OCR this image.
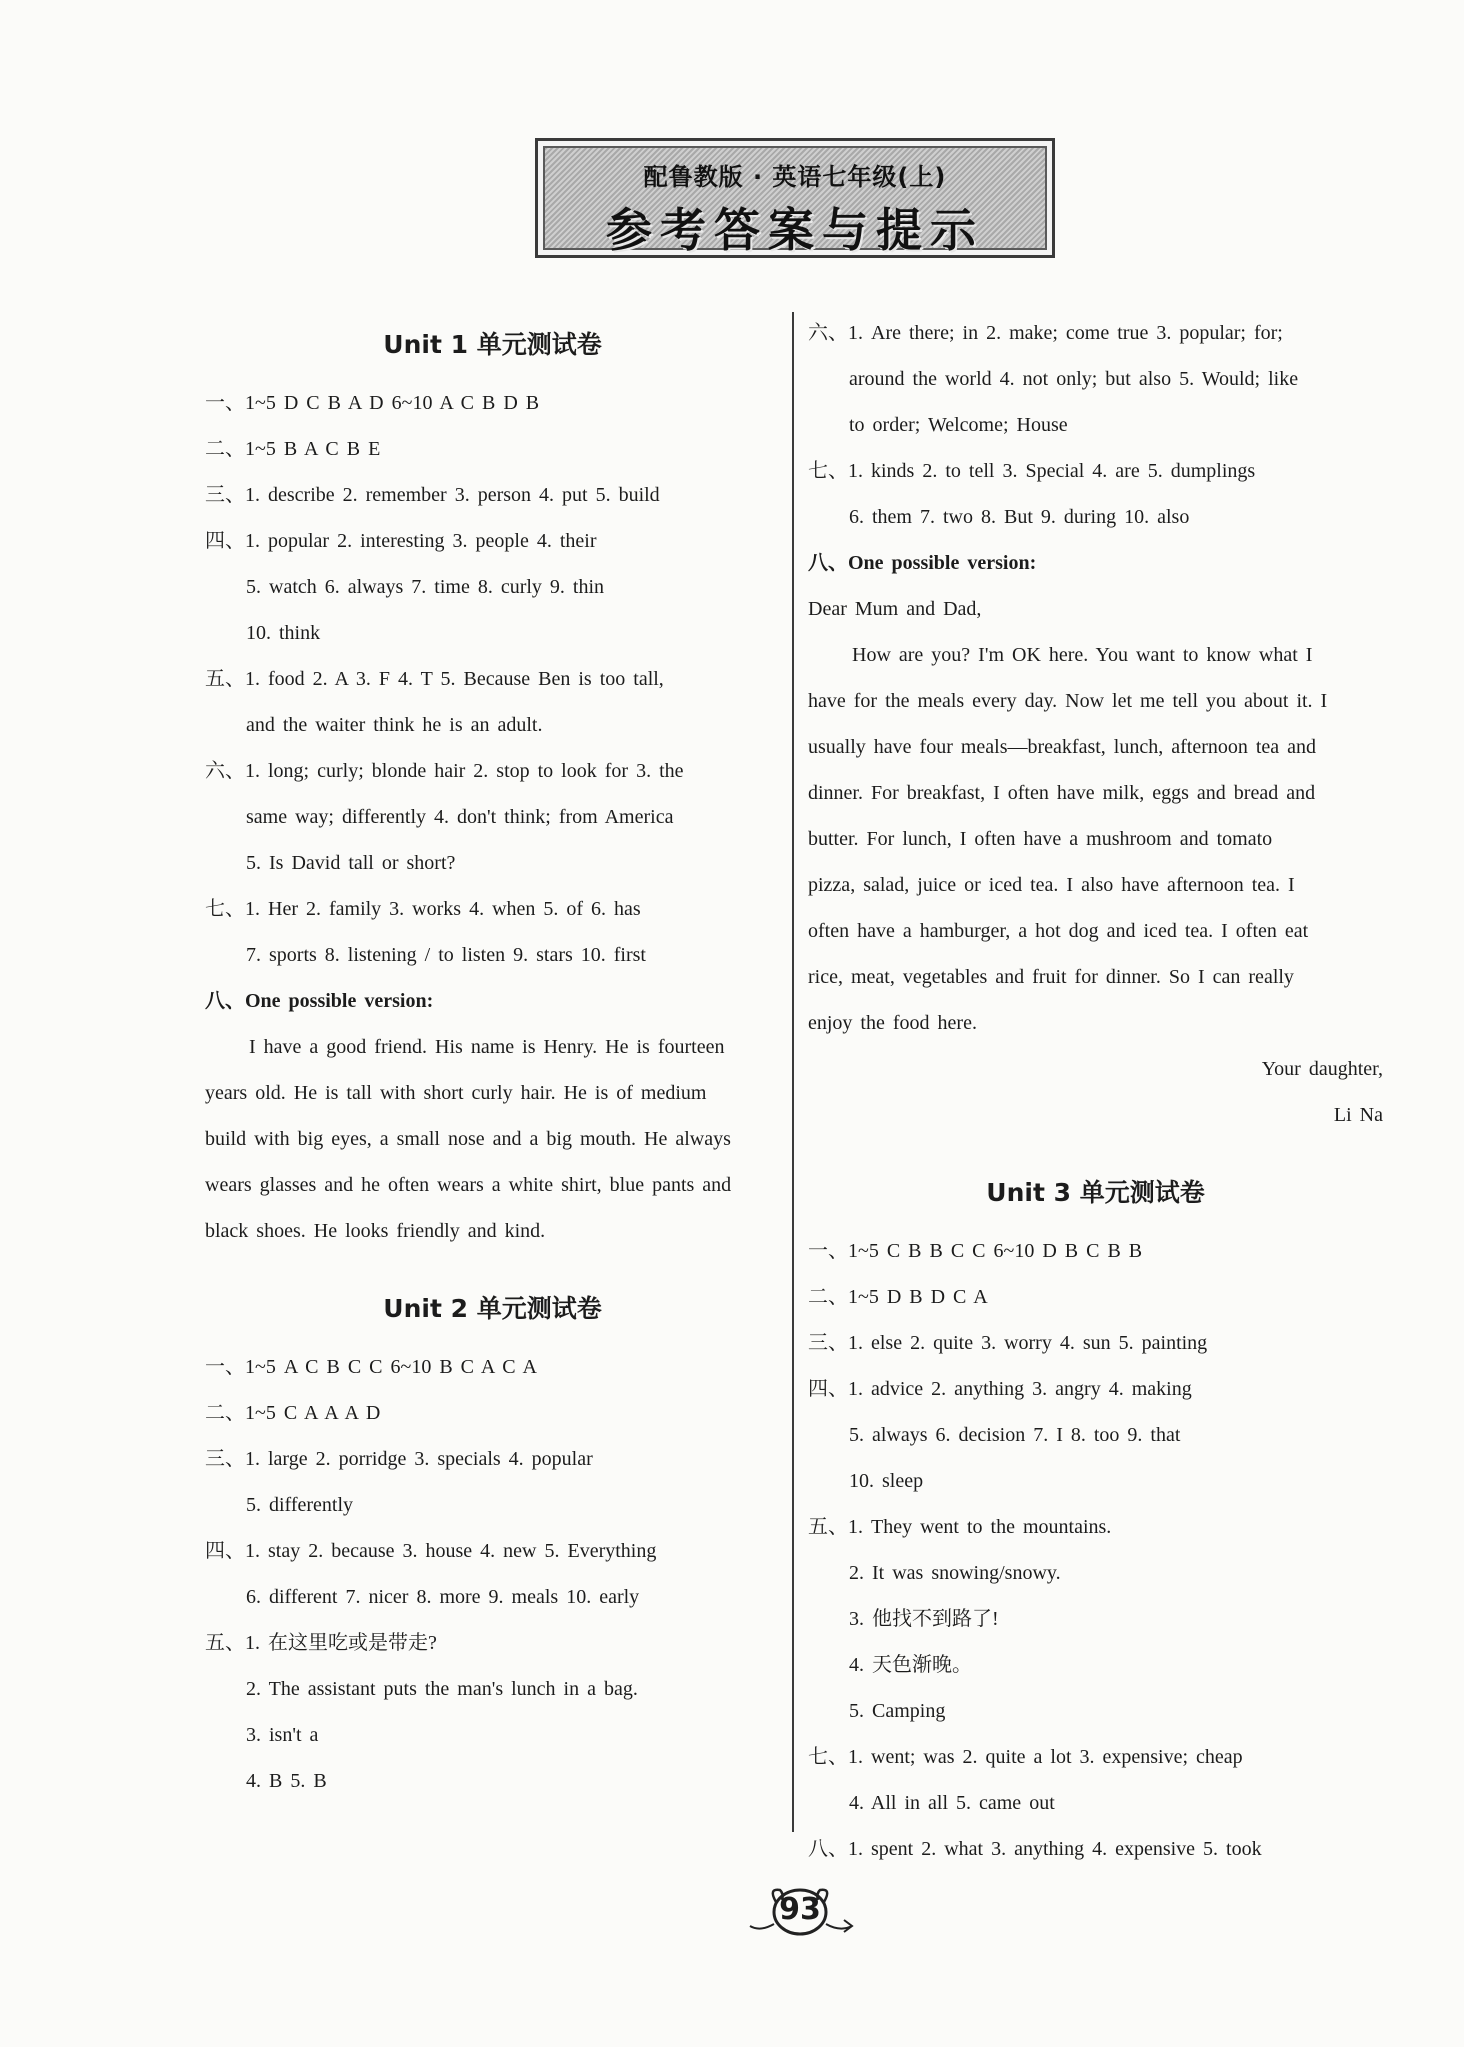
配鲁教版 · 英语七年级(上)
参考答案与提示
Unit 1 单元测试卷
一、1~5 D C B A D 6~10 A C B D B
二、1~5 B A C B E
三、1. describe 2. remember 3. person 4. put 5. build
四、1. popular 2. interesting 3. people 4. their
5. watch 6. always 7. time 8. curly 9. thin
10. think
五、1. food 2. A 3. F 4. T 5. Because Ben is too tall,
and the waiter think he is an adult.
六、1. long; curly; blonde hair 2. stop to look for 3. the
same way; differently 4. don't think; from America
5. Is David tall or short?
七、1. Her 2. family 3. works 4. when 5. of 6. has
7. sports 8. listening / to listen 9. stars 10. first
八、One possible version:
I have a good friend. His name is Henry. He is fourteen
years old. He is tall with short curly hair. He is of medium
build with big eyes, a small nose and a big mouth. He always
wears glasses and he often wears a white shirt, blue pants and
black shoes. He looks friendly and kind.
Unit 2 单元测试卷
一、1~5 A C B C C 6~10 B C A C A
二、1~5 C A A A D
三、1. large 2. porridge 3. specials 4. popular
5. differently
四、1. stay 2. because 3. house 4. new 5. Everything
6. different 7. nicer 8. more 9. meals 10. early
五、1. 在这里吃或是带走?
2. The assistant puts the man's lunch in a bag.
3. isn't a
4. B 5. B
六、1. Are there; in 2. make; come true 3. popular; for;
around the world 4. not only; but also 5. Would; like
to order; Welcome; House
七、1. kinds 2. to tell 3. Special 4. are 5. dumplings
6. them 7. two 8. But 9. during 10. also
八、One possible version:
Dear Mum and Dad,
How are you? I'm OK here. You want to know what I
have for the meals every day. Now let me tell you about it. I
usually have four meals—breakfast, lunch, afternoon tea and
dinner. For breakfast, I often have milk, eggs and bread and
butter. For lunch, I often have a mushroom and tomato
pizza, salad, juice or iced tea. I also have afternoon tea. I
often have a hamburger, a hot dog and iced tea. I often eat
rice, meat, vegetables and fruit for dinner. So I can really
enjoy the food here.
Your daughter,
Li Na
Unit 3 单元测试卷
一、1~5 C B B C C 6~10 D B C B B
二、1~5 D B D C A
三、1. else 2. quite 3. worry 4. sun 5. painting
四、1. advice 2. anything 3. angry 4. making
5. always 6. decision 7. I 8. too 9. that
10. sleep
五、1. They went to the mountains.
2. It was snowing/snowy.
3. 他找不到路了!
4. 天色渐晚。
5. Camping
七、1. went; was 2. quite a lot 3. expensive; cheap
4. All in all 5. came out
八、1. spent 2. what 3. anything 4. expensive 5. took
93
